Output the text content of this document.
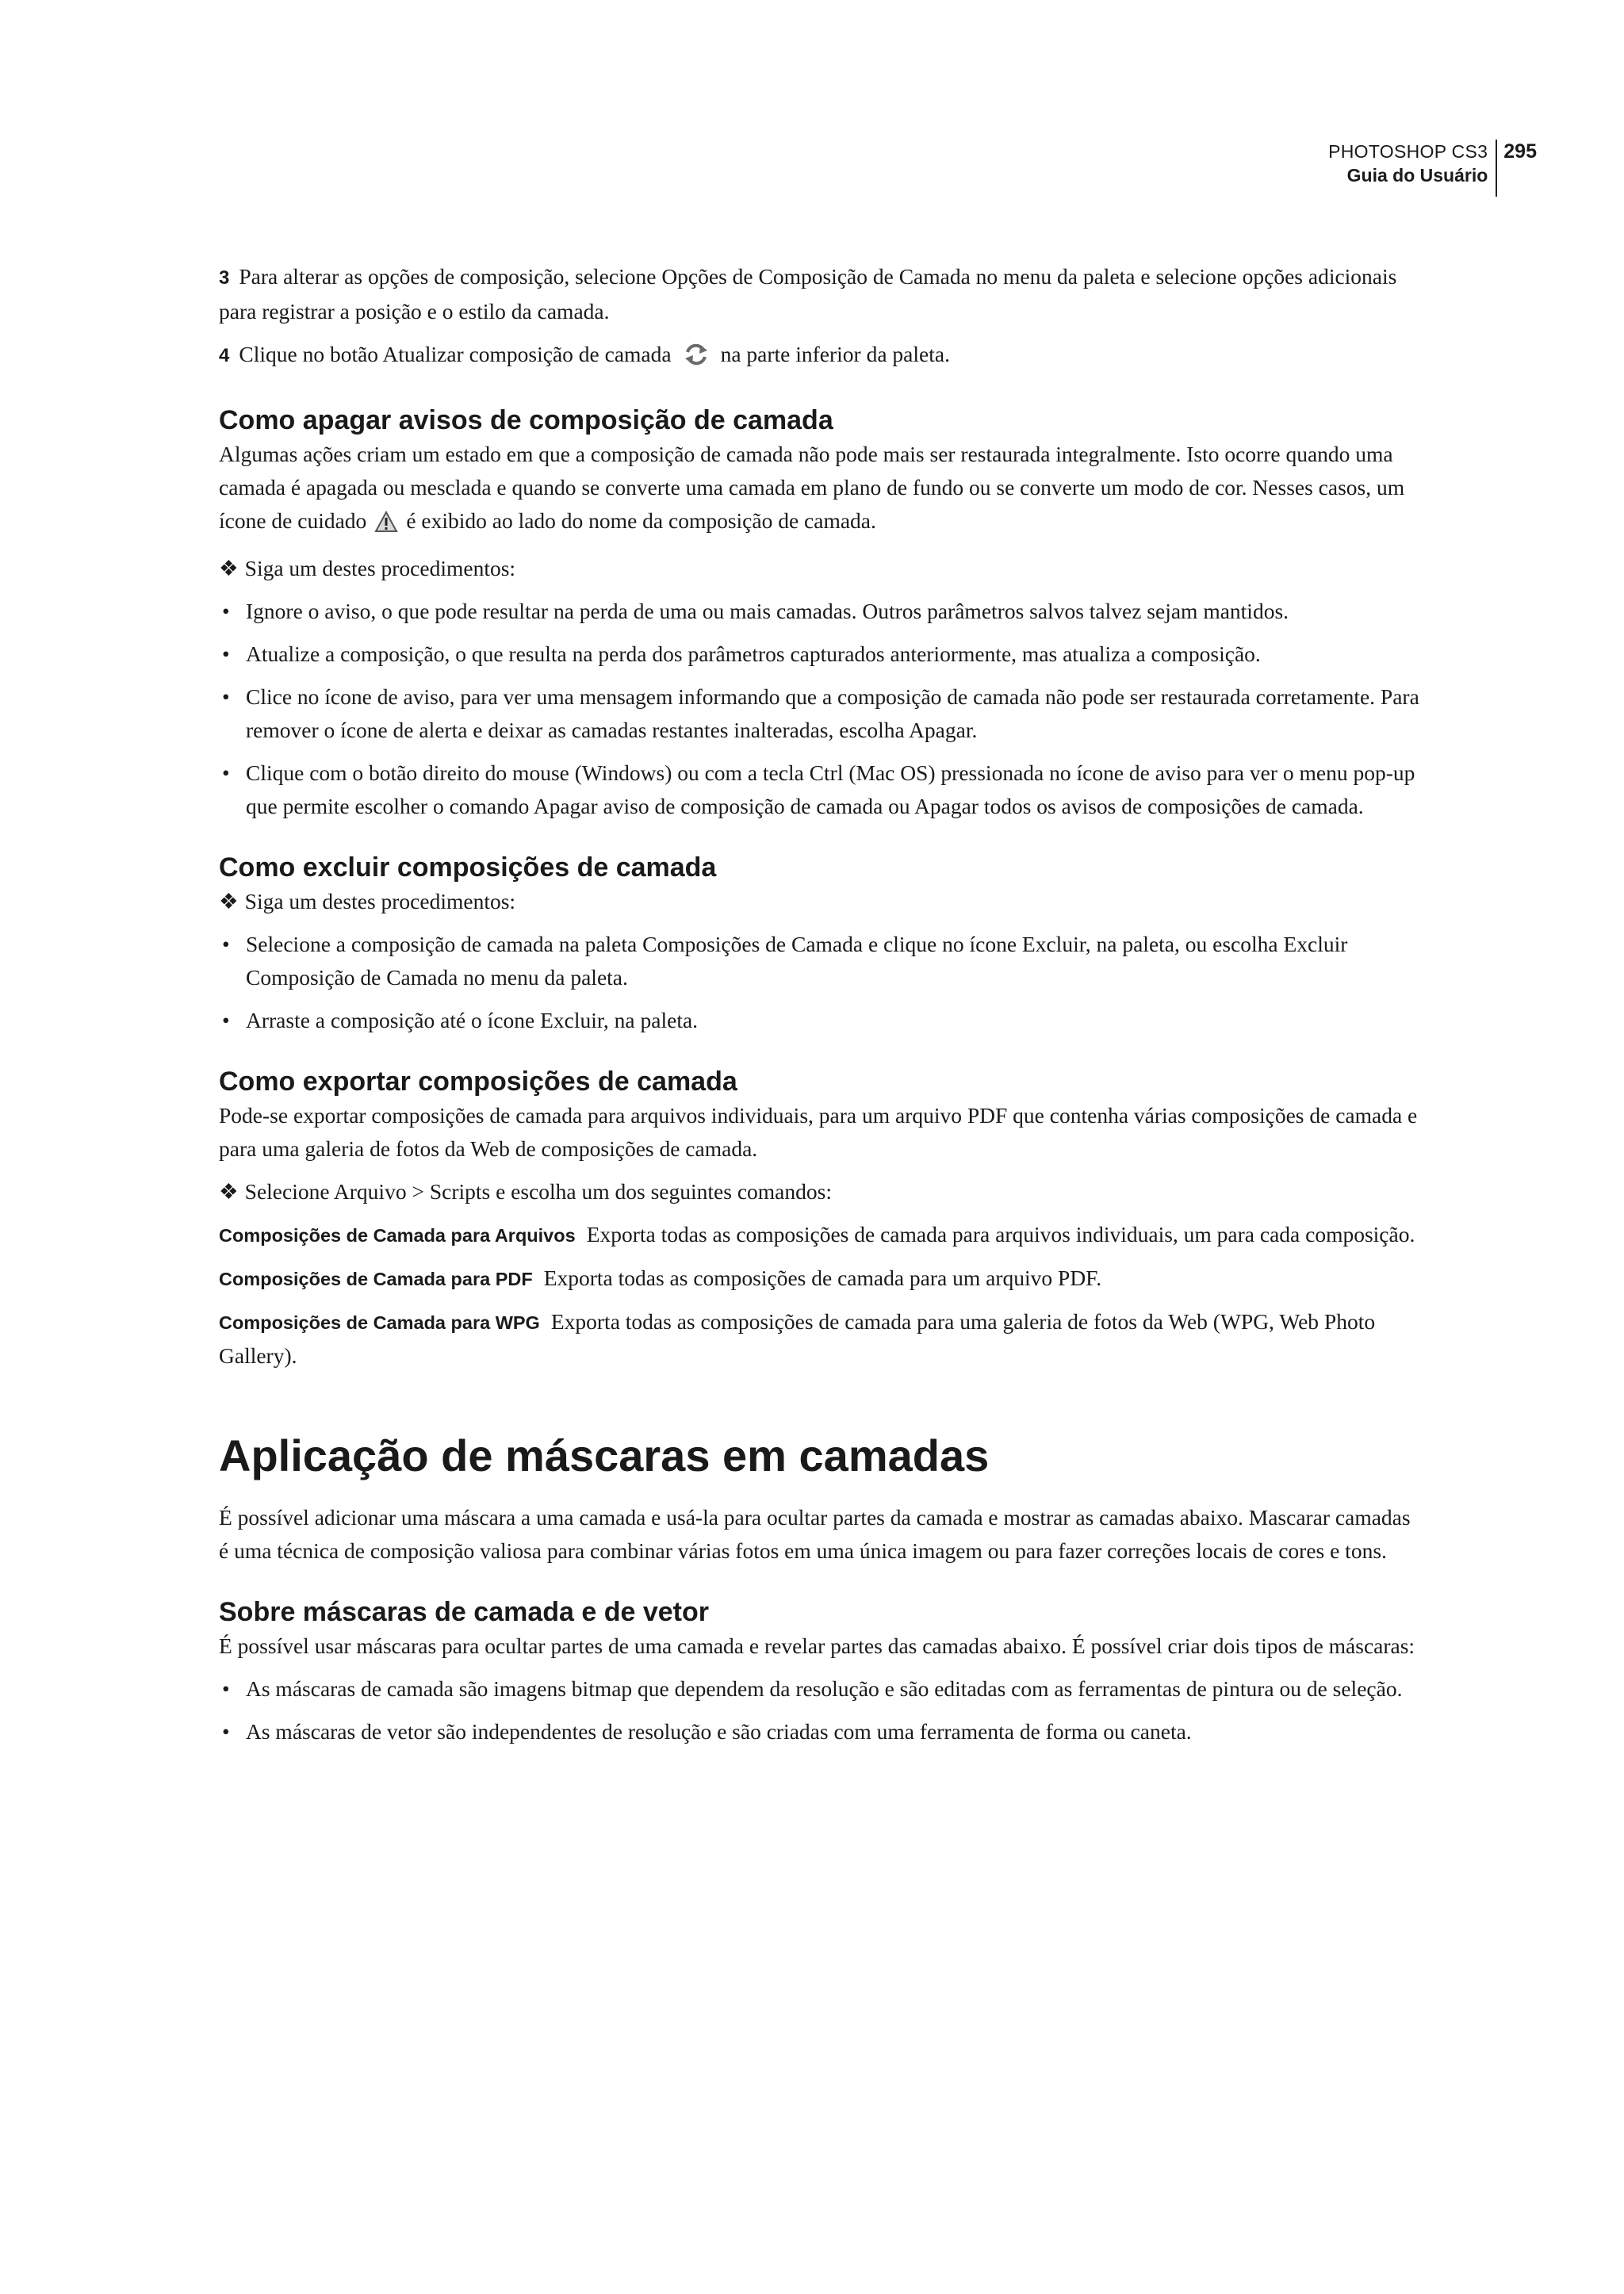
PHOTOSHOP CS3
Guia do Usuário
295
3 Para alterar as opções de composição, selecione Opções de Composição de Camada no menu da paleta e selecione opções adicionais para registrar a posição e o estilo da camada.
4 Clique no botão Atualizar composição de camada na parte inferior da paleta.
Como apagar avisos de composição de camada

Algumas ações criam um estado em que a composição de camada não pode mais ser restaurada integralmente. Isto ocorre quando uma camada é apagada ou mesclada e quando se converte uma camada em plano de fundo ou se converte um modo de cor. Nesses casos, um ícone de cuidado é exibido ao lado do nome da composição de camada.

❖ Siga um destes procedimentos:
• Ignore o aviso, o que pode resultar na perda de uma ou mais camadas. Outros parâmetros salvos talvez sejam mantidos.
• Atualize a composição, o que resulta na perda dos parâmetros capturados anteriormente, mas atualiza a composição.
• Clice no ícone de aviso, para ver uma mensagem informando que a composição de camada não pode ser restaurada corretamente. Para remover o ícone de alerta e deixar as camadas restantes inalteradas, escolha Apagar.
• Clique com o botão direito do mouse (Windows) ou com a tecla Ctrl (Mac OS) pressionada no ícone de aviso para ver o menu pop-up que permite escolher o comando Apagar aviso de composição de camada ou Apagar todos os avisos de composições de camada.
Como excluir composições de camada
❖ Siga um destes procedimentos:
• Selecione a composição de camada na paleta Composições de Camada e clique no ícone Excluir, na paleta, ou escolha Excluir Composição de Camada no menu da paleta.
• Arraste a composição até o ícone Excluir, na paleta.
Como exportar composições de camada

Pode-se exportar composições de camada para arquivos individuais, para um arquivo PDF que contenha várias composições de camada e para uma galeria de fotos da Web de composições de camada.

❖ Selecione Arquivo > Scripts e escolha um dos seguintes comandos:
Composições de Camada para Arquivos Exporta todas as composições de camada para arquivos individuais, um para cada composição.
Composições de Camada para PDF Exporta todas as composições de camada para um arquivo PDF.
Composições de Camada para WPG Exporta todas as composições de camada para uma galeria de fotos da Web (WPG, Web Photo Gallery).
Aplicação de máscaras em camadas

É possível adicionar uma máscara a uma camada e usá-la para ocultar partes da camada e mostrar as camadas abaixo. Mascarar camadas é uma técnica de composição valiosa para combinar várias fotos em uma única imagem ou para fazer correções locais de cores e tons.

Sobre máscaras de camada e de vetor

É possível usar máscaras para ocultar partes de uma camada e revelar partes das camadas abaixo. É possível criar dois tipos de máscaras:

• As máscaras de camada são imagens bitmap que dependem da resolução e são editadas com as ferramentas de pintura ou de seleção.
• As máscaras de vetor são independentes de resolução e são criadas com uma ferramenta de forma ou caneta.
